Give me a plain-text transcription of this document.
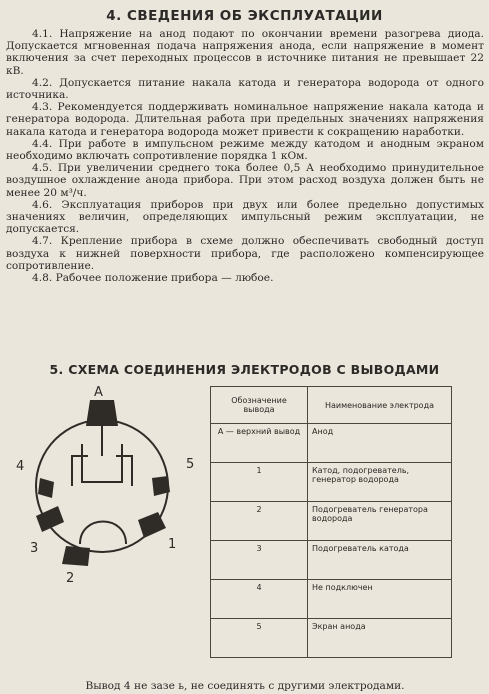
4. СВЕДЕНИЯ ОБ ЭКСПЛУАТАЦИИ

4.1. Напряжение на анод подают по окончании времени разогрева диода. Допускается мгновенная подача напряжения анода, если напряжение в момент включения за счет переходных процессов в источнике питания не превышает 22 кВ.

4.2. Допускается питание накала катода и генератора водорода от одного источника.

4.3. Рекомендуется поддерживать номинальное напряжение накала катода и генератора водорода. Длительная работа при предельных значениях напряжения накала катода и генератора водорода может привести к сокращению наработки.

4.4. При работе в импульсном режиме между катодом и анодным экраном необходимо включать сопротивление порядка 1 кОм.

4.5. При увеличении среднего тока более 0,5 А необходимо принудительное воздушное охлаждение анода прибора. При этом расход воздуха должен быть не менее 20 м³/ч.

4.6. Эксплуатация приборов при двух или более предельно допустимых значениях величин, определяющих импульсный режим эксплуатации, не допускается.

4.7. Крепление прибора в схеме должно обеспечивать свободный доступ воздуха к нижней поверхности прибора, где расположено компенсирующее сопротивление.

4.8. Рабочее положение прибора — любое.

5. СХЕМА СОЕДИНЕНИЯ ЭЛЕКТРОДОВ С ВЫВОДАМИ
А
4	5
3
2
1
Обозначение вывода	Наименование электрода
А — верхний вывод	Анод
1	Катод, подогреватель, генератор водорода
2	Подогреватель генератора водорода
3	Подогреватель катода
4	Не подключен
5	Экран анода
Вывод 4 не зазе ь, не соединять с другими электродами.
